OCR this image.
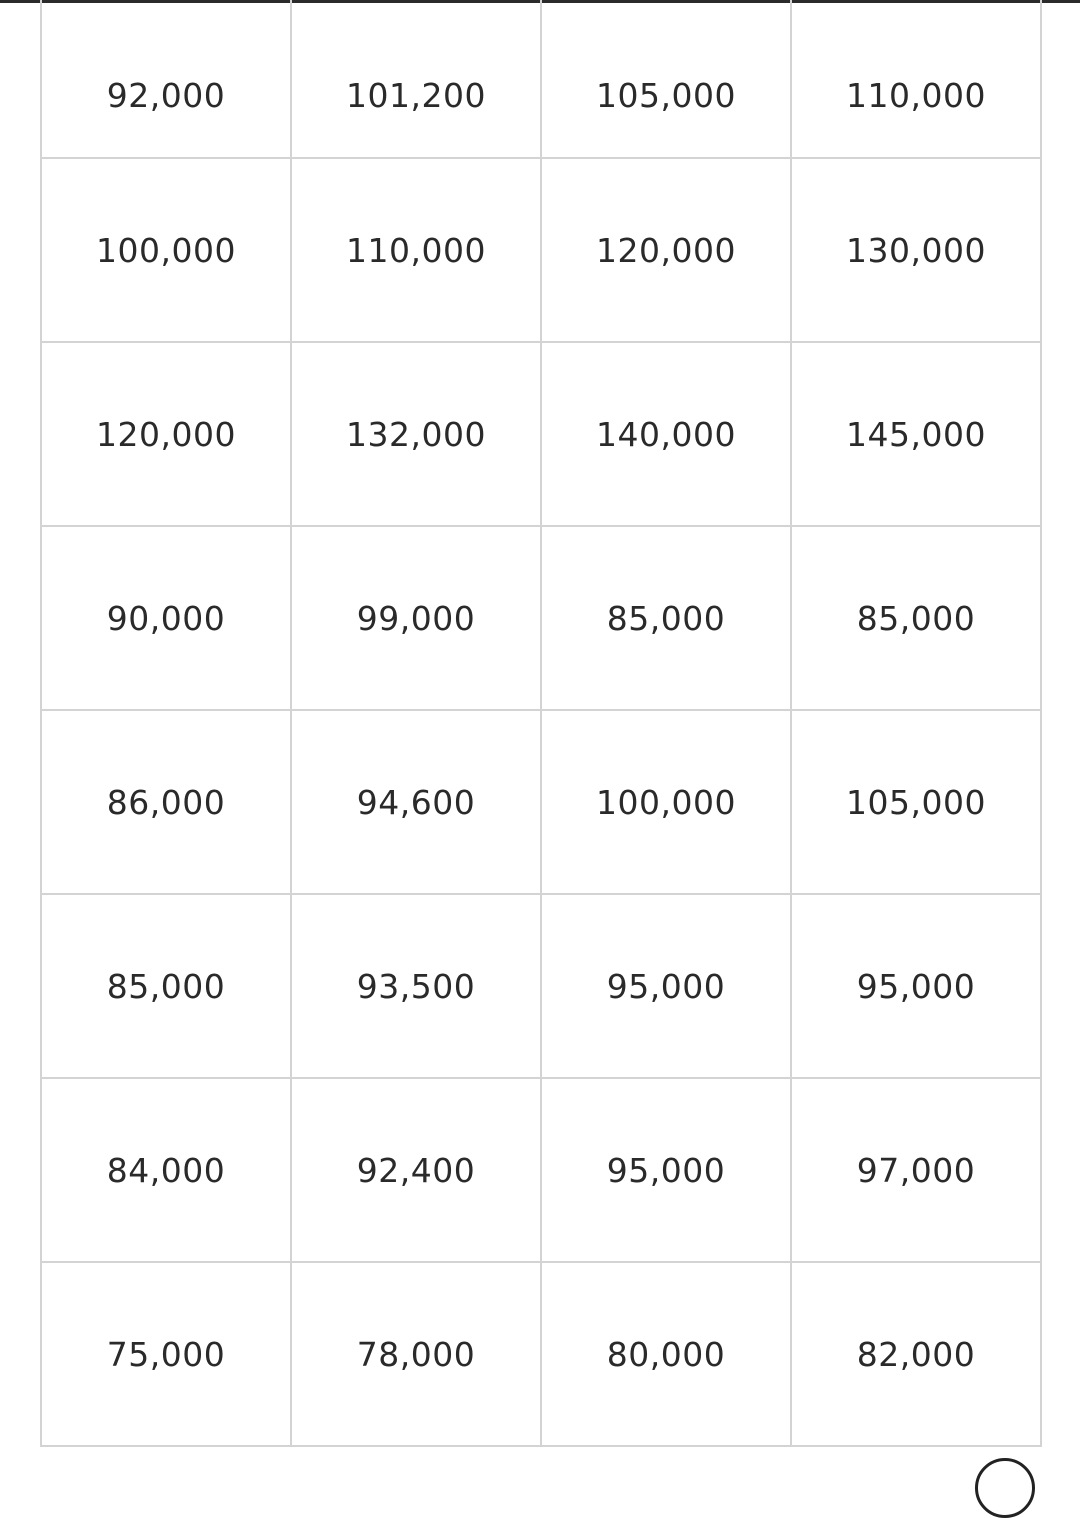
92,000	101,200	105,000	110,000
100,000	110,000	120,000	130,000
120,000	132,000	140,000	145,000
90,000	99,000	85,000	85,000
86,000	94,600	100,000	105,000
85,000	93,500	95,000	95,000
84,000	92,400	95,000	97,000
75,000	78,000	80,000	82,000
